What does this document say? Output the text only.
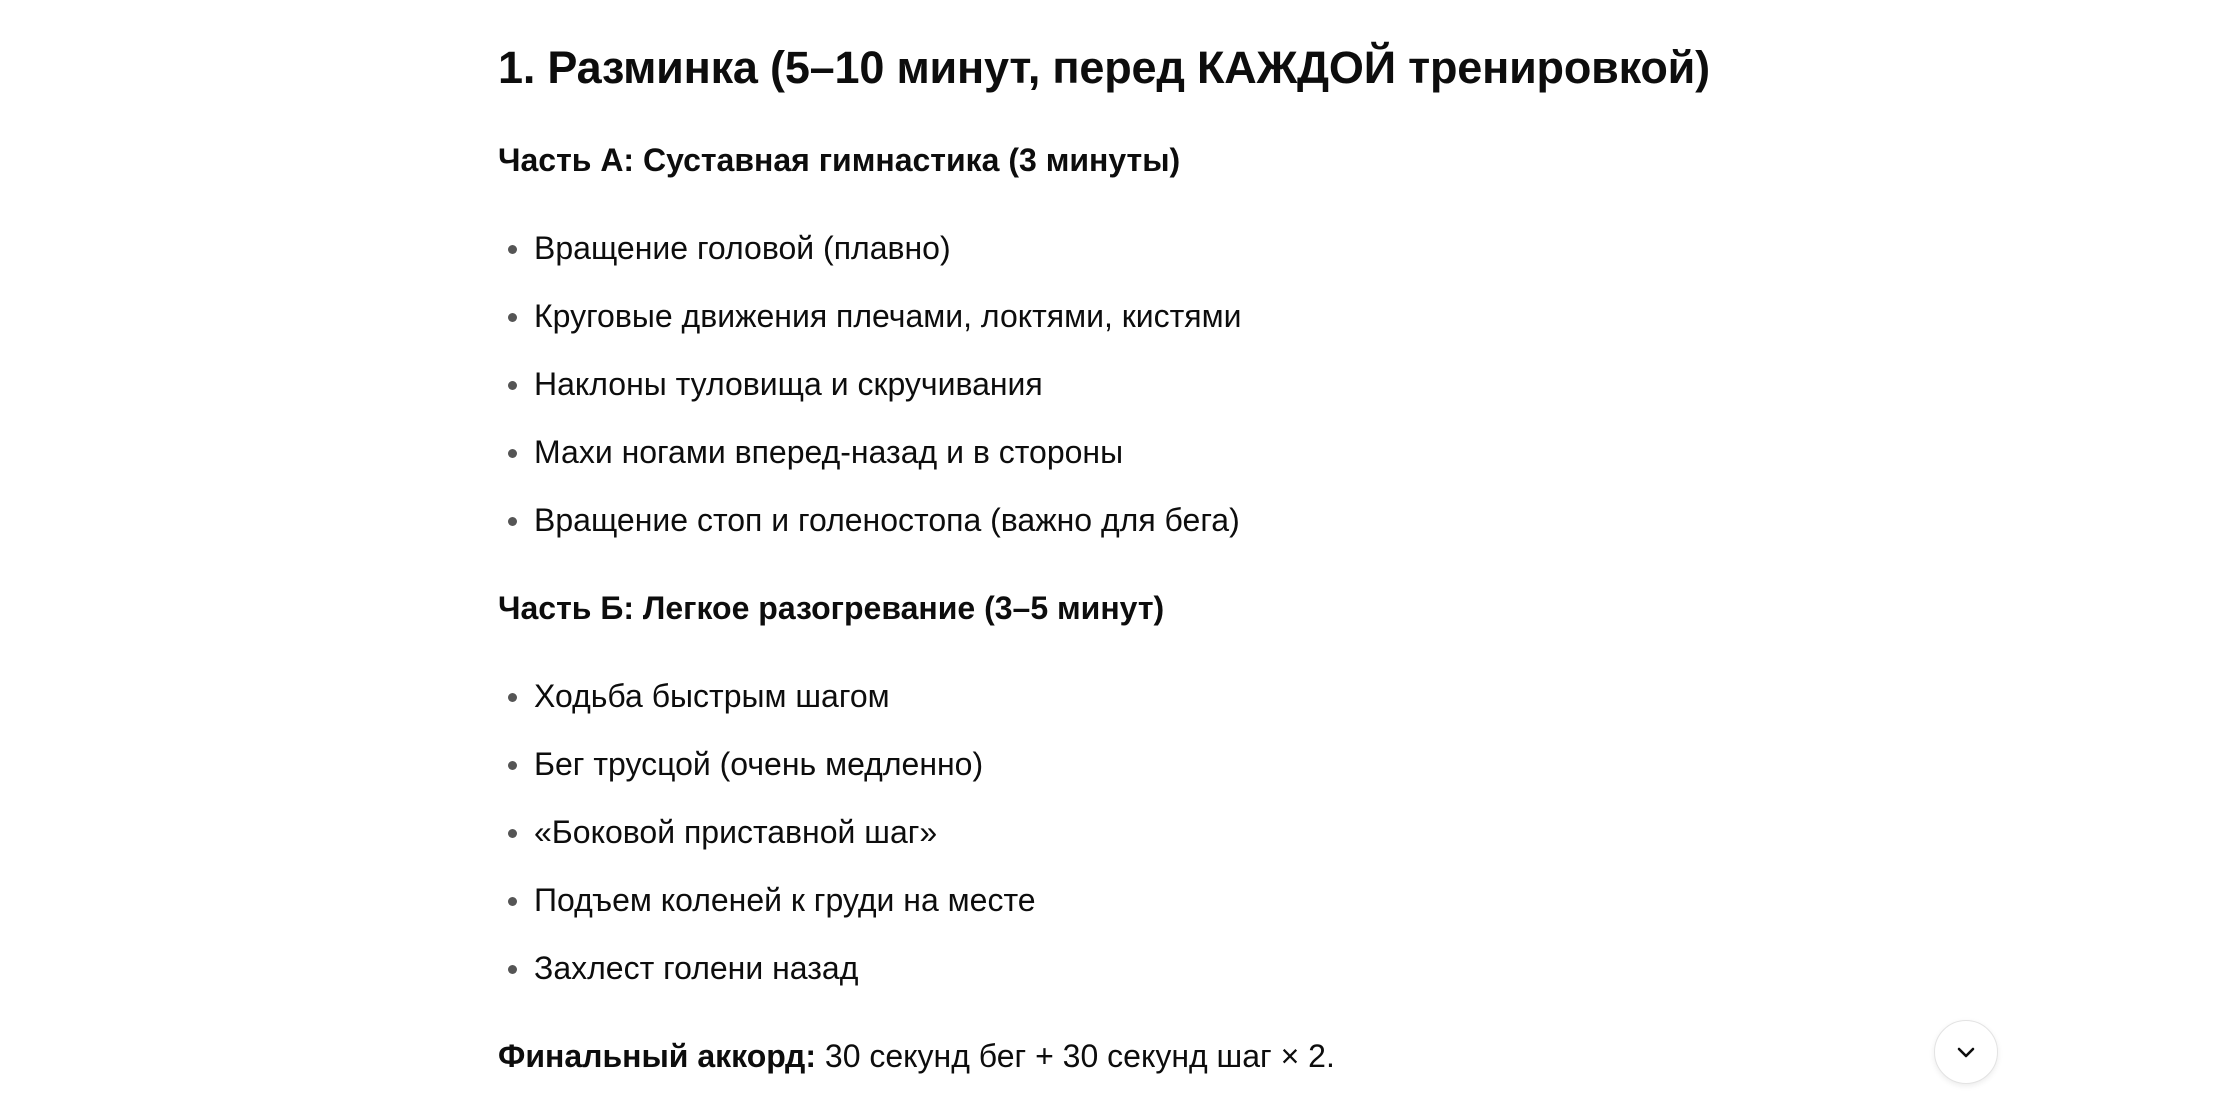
1. Разминка (5–10 минут, перед КАЖДОЙ тренировкой)
Часть А: Суставная гимнастика (3 минуты)
Вращение головой (плавно)
Круговые движения плечами, локтями, кистями
Наклоны туловища и скручивания
Махи ногами вперед-назад и в стороны
Вращение стоп и голеностопа (важно для бега)
Часть Б: Легкое разогревание (3–5 минут)
Ходьба быстрым шагом
Бег трусцой (очень медленно)
«Боковой приставной шаг»
Подъем коленей к груди на месте
Захлест голени назад
Финальный аккорд: 30 секунд бег + 30 секунд шаг × 2.
